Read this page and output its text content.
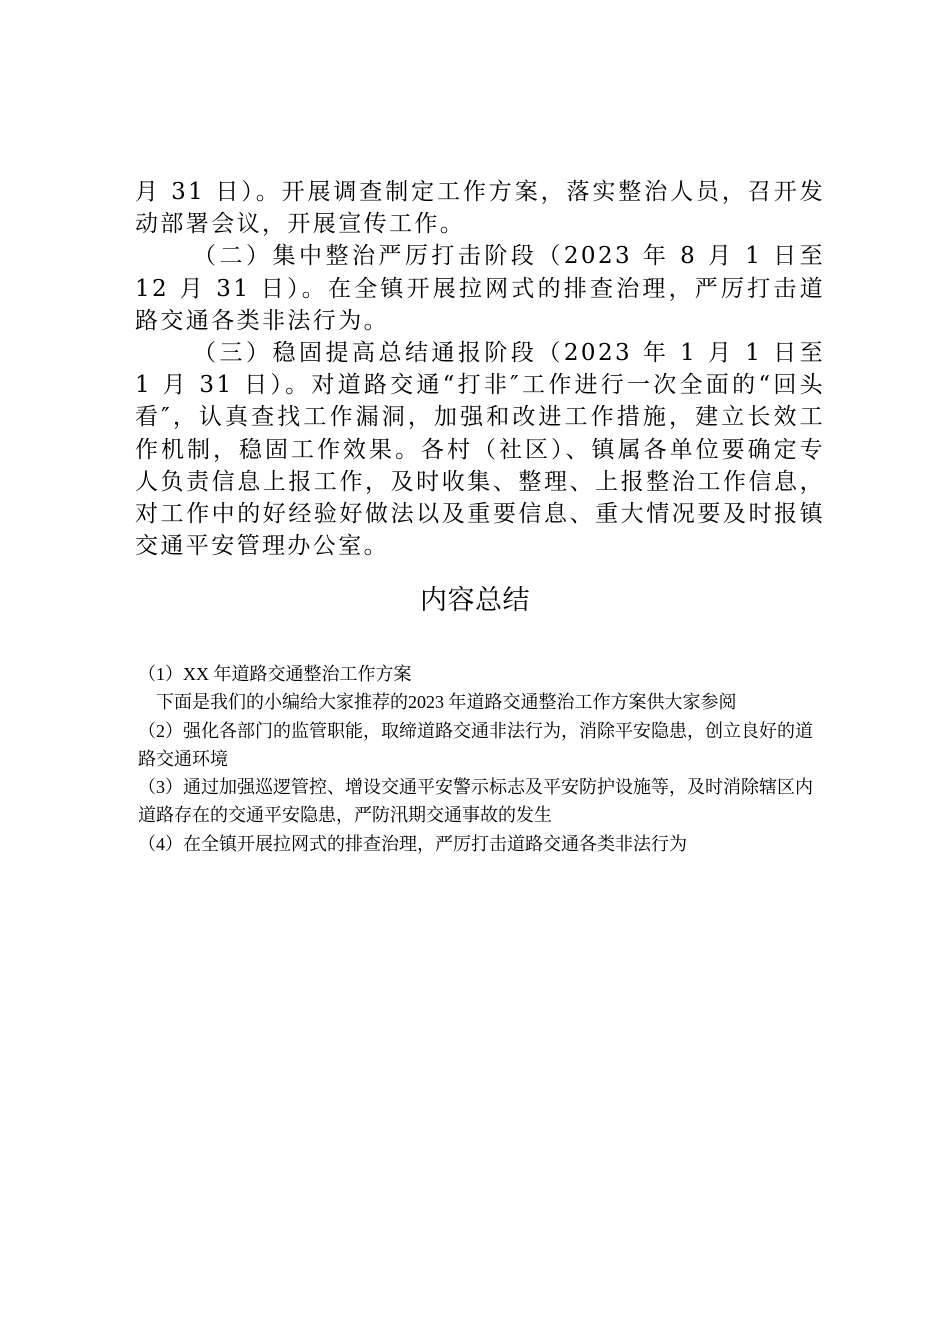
月 31 日）。开展调查制定工作方案，落实整治人员，召开发动部署会议，开展宣传工作。

（二）集中整治严厉打击阶段（2023 年 8 月 1 日至 12 月 31 日）。在全镇开展拉网式的排查治理，严厉打击道路交通各类非法行为。

（三）稳固提高总结通报阶段（2023 年 1 月 1 日至 1 月 31 日）。对道路交通“打非″工作进行一次全面的“回头看″，认真查找工作漏洞，加强和改进工作措施，建立长效工作机制，稳固工作效果。各村（社区）、镇属各单位要确定专人负责信息上报工作，及时收集、整理、上报整治工作信息，对工作中的好经验好做法以及重要信息、重大情况要及时报镇交通平安管理办公室。

内容总结

（1）XX 年道路交通整治工作方案

下面是我们的小编给大家推荐的2023 年道路交通整治工作方案供大家参阅

（2）强化各部门的监管职能，取缔道路交通非法行为，消除平安隐患，创立良好的道路交通环境

（3）通过加强巡逻管控、增设交通平安警示标志及平安防护设施等，及时消除辖区内道路存在的交通平安隐患，严防汛期交通事故的发生

（4）在全镇开展拉网式的排查治理，严厉打击道路交通各类非法行为
